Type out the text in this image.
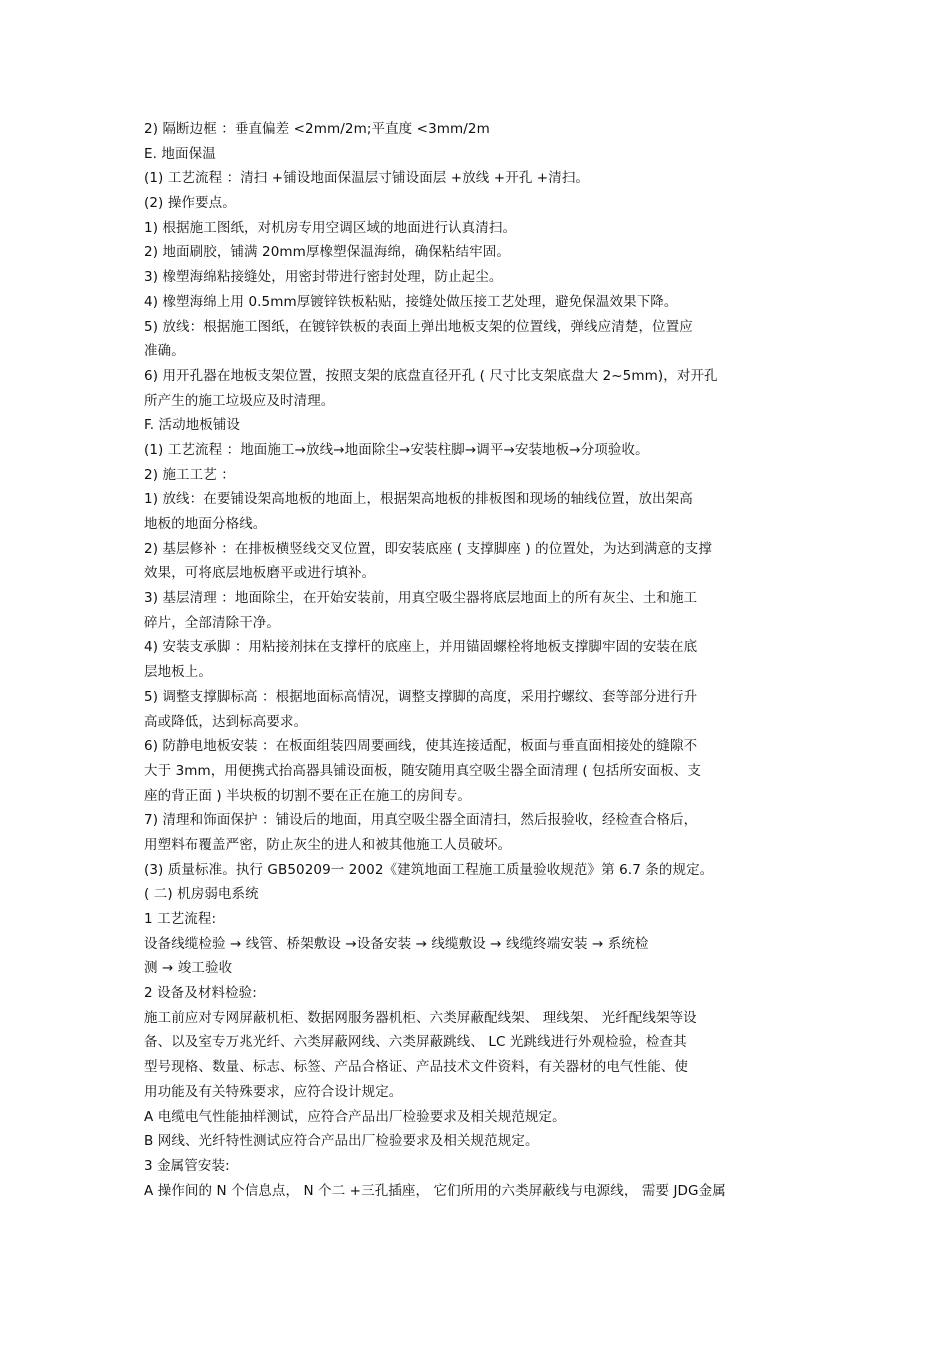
2) 隔断边框 ：垂直偏差 <2mm/2m;平直度 <3mm/2m
E. 地面保温
(1) 工艺流程 ：清扫 +铺设地面保温层寸铺设面层 +放线 +开孔 +清扫。
(2) 操作要点。
1) 根据施工图纸，对机房专用空调区域的地面进行认真清扫。
2) 地面刷胶，铺满 20mm厚橡塑保温海绵，确保粘结牢固。
3) 橡塑海绵粘接缝处，用密封带进行密封处理，防止起尘。
4) 橡塑海绵上用 0.5mm厚镀锌铁板粘贴，接缝处做压接工艺处理，避免保温效果下降。
5) 放线：根据施工图纸，在镀锌铁板的表面上弹出地板支架的位置线，弹线应清楚，位置应
准确。
6) 用开孔器在地板支架位置，按照支架的底盘直径开孔 ( 尺寸比支架底盘大 2~5mm)，对开孔
所产生的施工垃圾应及时清理。
F. 活动地板铺设
(1) 工艺流程 ：地面施工→放线→地面除尘→安装柱脚→调平→安装地板→分项验收。
2) 施工工艺 ：
1) 放线：在要铺设架高地板的地面上，根据架高地板的排板图和现场的轴线位置，放出架高
地板的地面分格线。
2) 基层修补 ：在排板横竖线交叉位置，即安装底座 ( 支撑脚座 ) 的位置处，为达到满意的支撑
效果，可将底层地板磨平或进行填补。
3) 基层清理 ：地面除尘，在开始安装前，用真空吸尘器将底层地面上的所有灰尘、土和施工
碎片，全部清除干净。
4) 安装支承脚 ：用粘接剂抹在支撑杆的底座上，并用锚固螺栓将地板支撑脚牢固的安装在底
层地板上。
5) 调整支撑脚标高 ：根据地面标高情况，调整支撑脚的高度，采用拧螺纹、套等部分进行升
高或降低，达到标高要求。
6) 防静电地板安装 ：在板面组装四周要画线，使其连接适配，板面与垂直面相接处的缝隙不
大于 3mm，用便携式抬高器具铺设面板，随安随用真空吸尘器全面清理 ( 包括所安面板、支
座的背正面 ) 半块板的切割不要在正在施工的房间专。
7) 清理和饰面保护 ：铺设后的地面，用真空吸尘器全面清扫，然后报验收，经检查合格后，
用塑料布覆盖严密，防止灰尘的进人和被其他施工人员破坏。
(3) 质量标准。执行 GB50209一 2002《建筑地面工程施工质量验收规范》第 6.7 条的规定。
( 二) 机房弱电系统
1 工艺流程:
设备线缆检验 → 线管、桥架敷设 →设备安装 → 线缆敷设 → 线缆终端安装 → 系统检
测 → 竣工验收
2 设备及材料检验:
施工前应对专网屏蔽机柜、数据网服务器机柜、六类屏蔽配线架、 理线架、 光纤配线架等设
备、以及室专万兆光纤、六类屏蔽网线、六类屏蔽跳线、 LC 光跳线进行外观检验，检查其
型号现格、数量、标志、标签、产品合格证、产品技术文件资料，有关器材的电气性能、使
用功能及有关特殊要求，应符合设计规定。
A 电缆电气性能抽样测试，应符合产品出厂检验要求及相关规范规定。
B 网线、光纤特性测试应符合产品出厂检验要求及相关规范规定。
3 金属管安装:
A 操作间的 N 个信息点， N 个二 +三孔插座， 它们所用的六类屏蔽线与电源线， 需要 JDG金属
